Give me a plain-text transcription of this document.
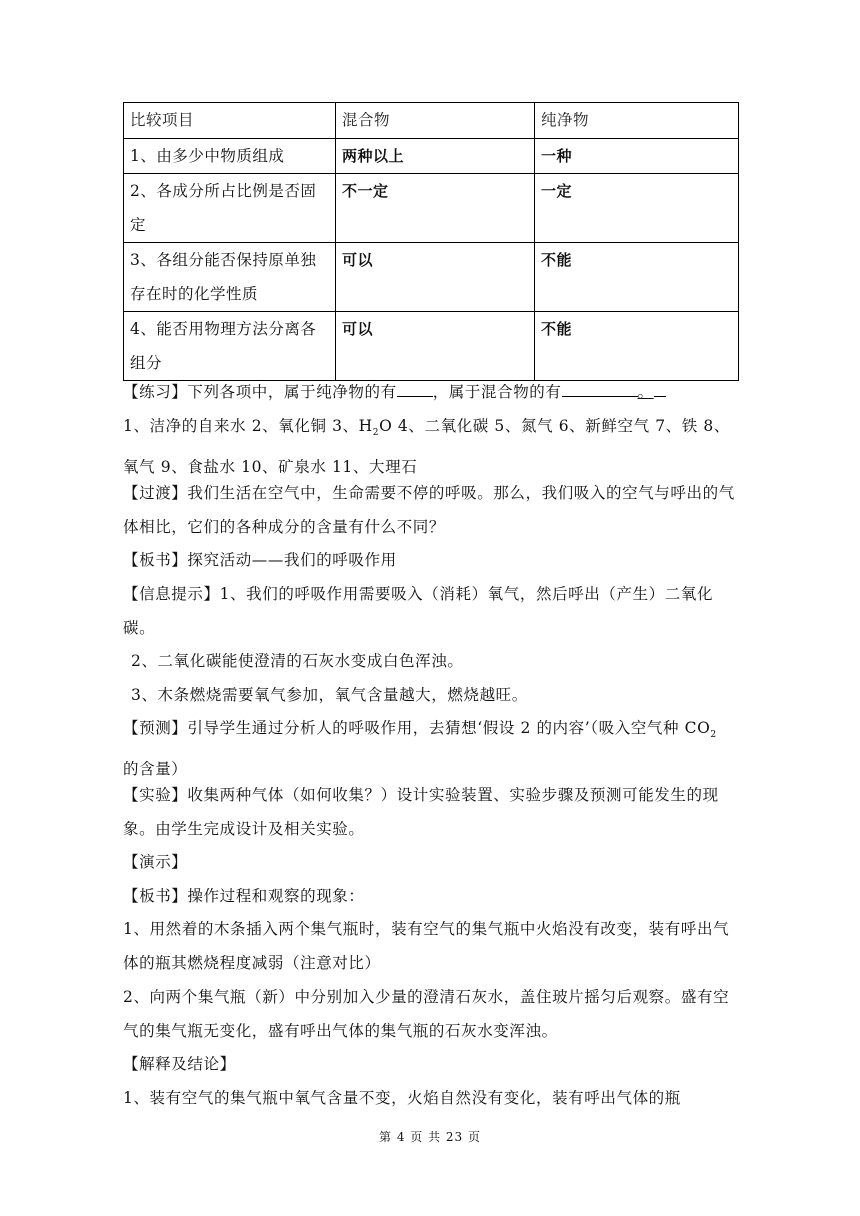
比较项目	混合物	纯净物
1、由多少中物质组成	两种以上	一种
2、各成分所占比例是否固定	不一定	一定
3、各组分能否保持原单独存在时的化学性质	可以	不能
4、能否用物理方法分离各组分	可以	不能

【练习】下列各项中，属于纯净物的有 ，属于混合物的有	。

1、洁净的自来水 2、氧化铜 3、$H_2O$ 4、二氧化碳 5、氮气 6、新鲜空气 7、铁 8、氧气 9、食盐水 10、矿泉水 11、大理石

【过渡】我们生活在空气中，生命需要不停的呼吸。那么，我们吸入的空气与呼出的气体相比，它们的各种成分的含量有什么不同？

【板书】探究活动——我们的呼吸作用

【信息提示】1、我们的呼吸作用需要吸入（消耗）氧气，然后呼出（产生）二氧化碳。

2、二氧化碳能使澄清的石灰水变成白色浑浊。

3、木条燃烧需要氧气参加，氧气含量越大，燃烧越旺。

【预测】引导学生通过分析人的呼吸作用，去猜想‘假设 2 的内容’（吸入空气种 $CO_2$ 的含量）

【实验】收集两种气体（如何收集？）设计实验装置、实验步骤及预测可能发生的现象。由学生完成设计及相关实验。

【演示】

【板书】操作过程和观察的现象：

1、用然着的木条插入两个集气瓶时，装有空气的集气瓶中火焰没有改变，装有呼出气体的瓶其燃烧程度减弱（注意对比）

2、向两个集气瓶（新）中分别加入少量的澄清石灰水，盖住玻片摇匀后观察。盛有空气的集气瓶无变化，盛有呼出气体的集气瓶的石灰水变浑浊。

【解释及结论】

1、装有空气的集气瓶中氧气含量不变，火焰自然没有变化，装有呼出气体的瓶

第 4 页 共 23 页
